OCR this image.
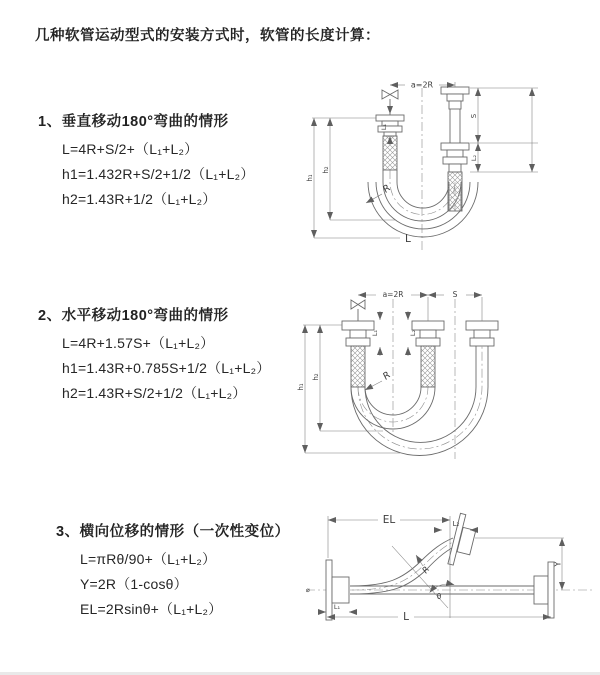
几种软管运动型式的安装方式时，软管的长度计算：
1、垂直移动180°弯曲的情形
L=4R+S/2+（L₁+L₂）
h1=1.432R+S/2+1/2（L₁+L₂）
h2=1.43R+1/2（L₁+L₂）
2、水平移动180°弯曲的情形
L=4R+1.57S+（L₁+L₂）
h1=1.43R+0.785S+1/2（L₁+L₂）
h2=1.43R+S/2+1/2（L₁+L₂）
3、横向位移的情形（一次性变位）
L=πRθ/90+（L₁+L₂）
Y=2R（1-cosθ）
EL=2Rsinθ+（L₁+L₂）
a=2R
L₁
S
L₂
h₁
h₂
R
L
a=2R	S
L₁	L₂
h₁
h₂	R
EL	L₂
Y
R
θ
L
L₁
⌀
